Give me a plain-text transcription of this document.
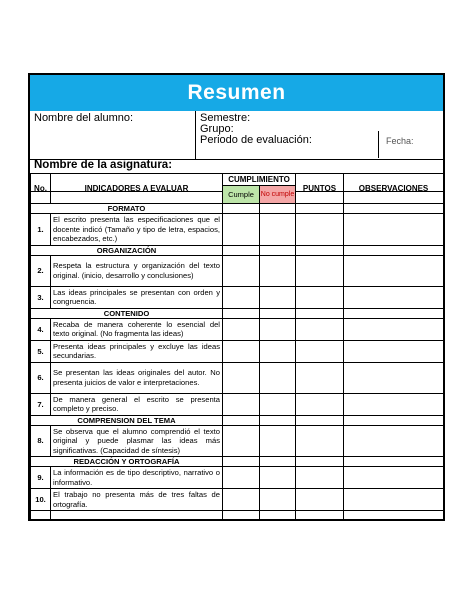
Resumen
Nombre del alumno:	Semestre:
Grupo:
Periodo de evaluación:	Fecha:
Nombre de la asignatura:
No.	INDICADORES A EVALUAR	CUMPLIMIENTO		PUNTOS	OBSERVACIONES
		Cumple	No cumple		
FORMATO					
1.	El escrito presenta las especificaciones que el docente indicó (Tamaño y tipo de letra, espacios, encabezados, etc.)				
ORGANIZACIÓN					
2.	Respeta la estructura y organización del texto original. (inicio, desarrollo y conclusiones)				
3.	Las ideas principales se presentan con orden y congruencia.				
CONTENIDO					
4.	Recaba de manera coherente lo esencial del texto original. (No fragmenta las ideas)				
5.	Presenta ideas principales y excluye las ideas secundarias.				
6.	Se presentan las ideas originales del autor. No presenta juicios de valor e interpretaciones.				
7.	De manera general el escrito se presenta completo y preciso.				
COMPRENSION DEL TEMA					
8.	Se observa que el alumno comprendió el texto original y puede plasmar las ideas más significativas. (Capacidad de síntesis)				
REDACCIÓN Y ORTOGRAFÍA					
9.	La información es de tipo descriptivo, narrativo o informativo.				
10.	El trabajo no presenta más de tres faltas de ortografía.				
